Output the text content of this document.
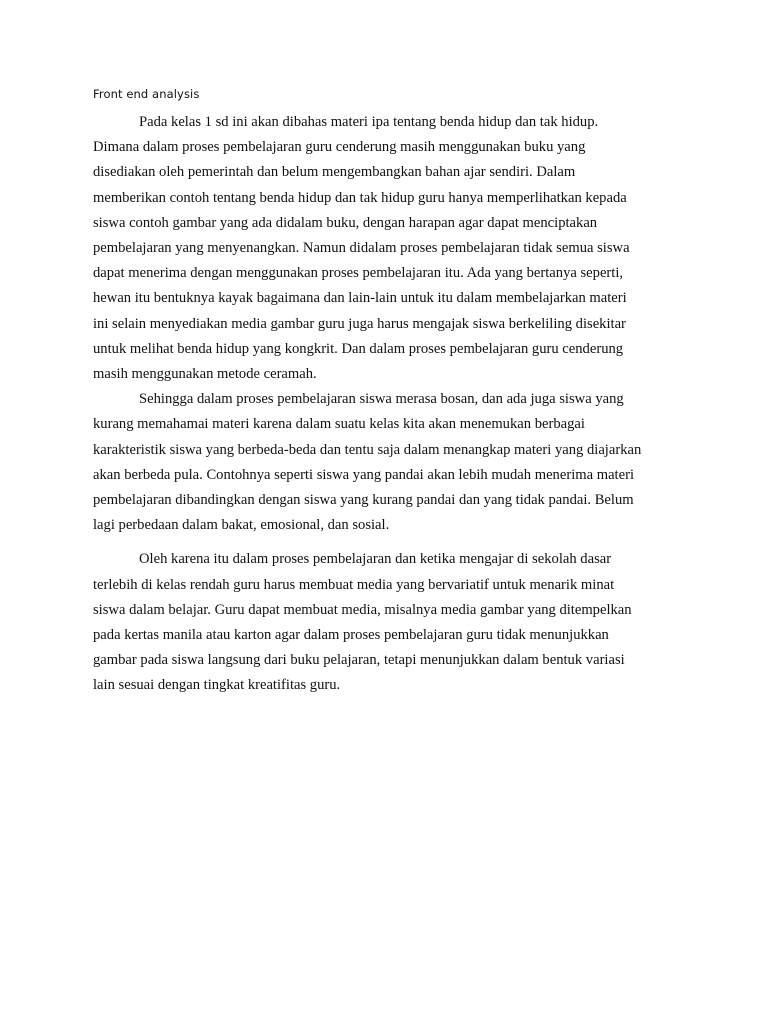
Front end analysis

Pada kelas 1 sd ini akan dibahas materi ipa tentang benda hidup dan tak hidup.
Dimana dalam proses pembelajaran guru cenderung masih menggunakan buku yang
disediakan oleh pemerintah dan belum mengembangkan bahan ajar sendiri. Dalam
memberikan contoh tentang benda hidup dan tak hidup guru hanya memperlihatkan kepada
siswa contoh gambar yang ada didalam buku, dengan harapan agar dapat menciptakan
pembelajaran yang menyenangkan. Namun didalam proses pembelajaran tidak semua siswa
dapat menerima dengan menggunakan proses pembelajaran itu. Ada yang bertanya seperti,
hewan itu bentuknya kayak bagaimana dan lain-lain untuk itu dalam membelajarkan materi
ini selain menyediakan media gambar guru juga harus mengajak siswa berkeliling disekitar
untuk melihat benda hidup yang kongkrit. Dan dalam proses pembelajaran guru cenderung
masih menggunakan metode ceramah.

Sehingga dalam proses pembelajaran siswa merasa bosan, dan ada juga siswa yang
kurang memahamai materi karena dalam suatu kelas kita akan menemukan berbagai
karakteristik siswa yang berbeda-beda dan tentu saja dalam menangkap materi yang diajarkan
akan berbeda pula. Contohnya seperti siswa yang pandai akan lebih mudah menerima materi
pembelajaran dibandingkan dengan siswa yang kurang pandai dan yang tidak pandai. Belum
lagi perbedaan dalam bakat, emosional, dan sosial.

Oleh karena itu dalam proses pembelajaran dan ketika mengajar di sekolah dasar
terlebih di kelas rendah guru harus membuat media yang bervariatif untuk menarik minat
siswa dalam belajar. Guru dapat membuat media, misalnya media gambar yang ditempelkan
pada kertas manila atau karton agar dalam proses pembelajaran guru tidak menunjukkan
gambar pada siswa langsung dari buku pelajaran, tetapi menunjukkan dalam bentuk variasi
lain sesuai dengan tingkat kreatifitas guru.
